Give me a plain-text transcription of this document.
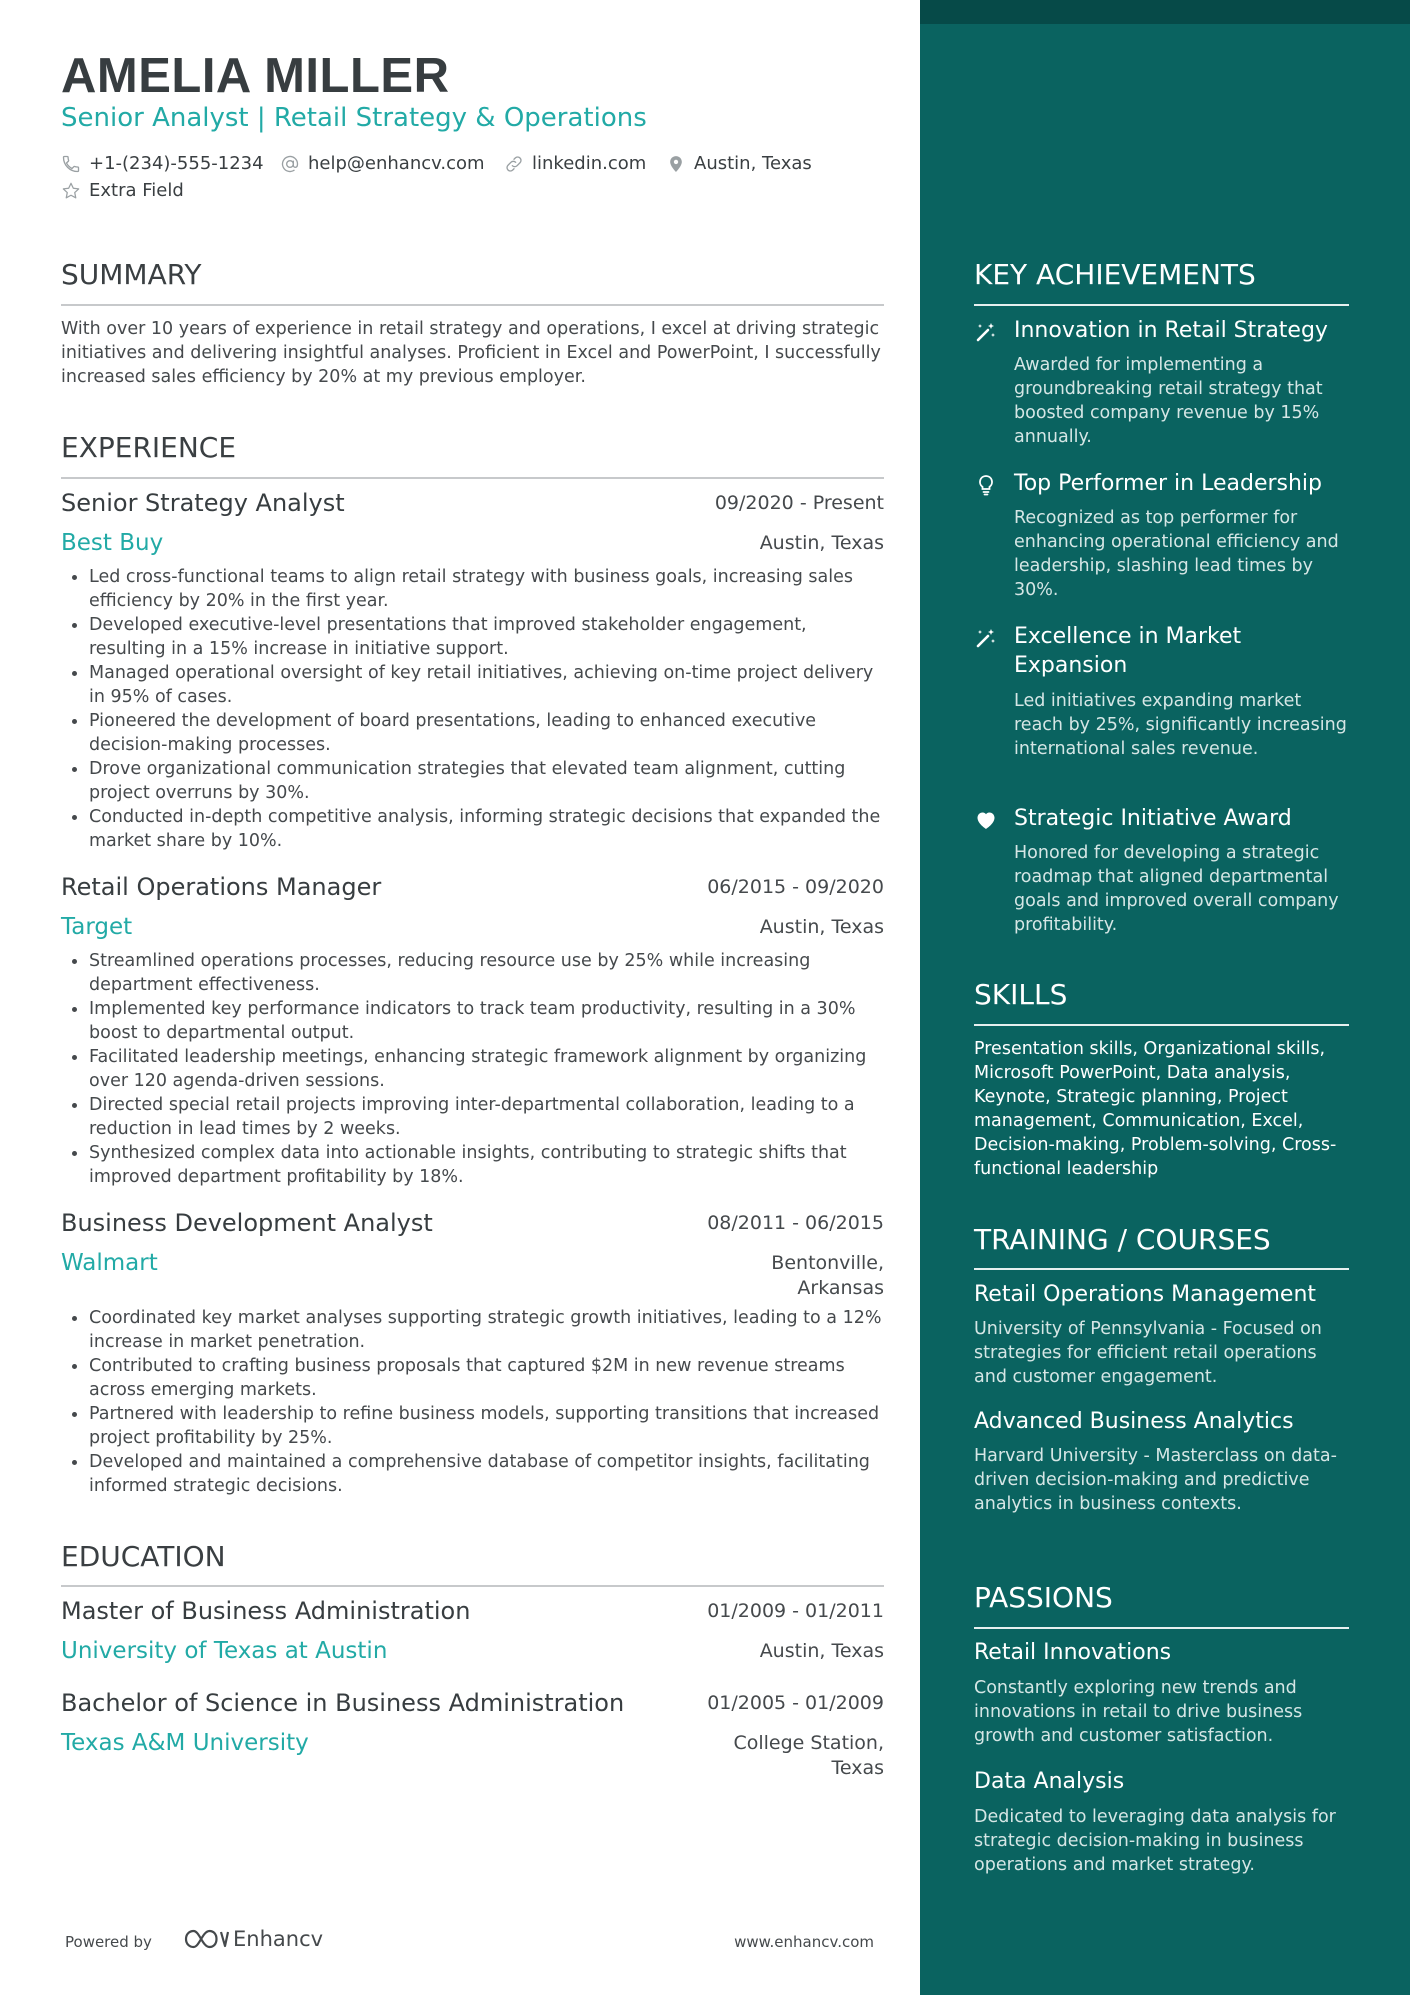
AMELIA MILLER
Senior Analyst | Retail Strategy & Operations
+1-(234)-555-1234 help@enhancv.com	linkedin.com	Austin, Texas
Extra Field
SUMMARY
With over 10 years of experience in retail strategy and operations, I excel at driving strategic initiatives and delivering insightful analyses. Proficient in Excel and PowerPoint, I successfully increased sales efficiency by 20% at my previous employer.
EXPERIENCE
Senior Strategy Analyst	09/2020 - Present
Best Buy	Austin, Texas
Led cross-functional teams to align retail strategy with business goals, increasing sales efficiency by 20% in the first year.
Developed executive-level presentations that improved stakeholder engagement, resulting in a 15% increase in initiative support.
Managed operational oversight of key retail initiatives, achieving on-time project delivery in 95% of cases.
Pioneered the development of board presentations, leading to enhanced executive decision-making processes.
Drove organizational communication strategies that elevated team alignment, cutting project overruns by 30%.
Conducted in-depth competitive analysis, informing strategic decisions that expanded the market share by 10%.
Retail Operations Manager	06/2015 - 09/2020
Target	Austin, Texas
Streamlined operations processes, reducing resource use by 25% while increasing department effectiveness.
Implemented key performance indicators to track team productivity, resulting in a 30% boost to departmental output.
Facilitated leadership meetings, enhancing strategic framework alignment by organizing over 120 agenda-driven sessions.
Directed special retail projects improving inter-departmental collaboration, leading to a reduction in lead times by 2 weeks.
Synthesized complex data into actionable insights, contributing to strategic shifts that improved department profitability by 18%.
Business Development Analyst	08/2011 - 06/2015
Walmart	Bentonville,
Arkansas
Coordinated key market analyses supporting strategic growth initiatives, leading to a 12% increase in market penetration.
Contributed to crafting business proposals that captured $2M in new revenue streams across emerging markets.
Partnered with leadership to refine business models, supporting transitions that increased project profitability by 25%.
Developed and maintained a comprehensive database of competitor insights, facilitating informed strategic decisions.
EDUCATION
Master of Business Administration	01/2009 - 01/2011
University of Texas at Austin	Austin, Texas
Bachelor of Science in Business Administration	01/2005 - 01/2009
Texas A&M University	College Station,
Texas
Powered by	Enhancv	www.enhancv.com
KEY ACHIEVEMENTS
Innovation in Retail Strategy
Awarded for implementing a groundbreaking retail strategy that boosted company revenue by 15% annually.
Top Performer in Leadership
Recognized as top performer for enhancing operational efficiency and leadership, slashing lead times by 30%.
Excellence in Market Expansion
Led initiatives expanding market reach by 25%, significantly increasing international sales revenue.
Strategic Initiative Award
Honored for developing a strategic roadmap that aligned departmental goals and improved overall company profitability.
SKILLS
Presentation skills, Organizational skills, Microsoft PowerPoint, Data analysis, Keynote, Strategic planning, Project management, Communication, Excel, Decision-making, Problem-solving, Cross-functional leadership
TRAINING / COURSES
Retail Operations Management
University of Pennsylvania - Focused on strategies for efficient retail operations and customer engagement.
Advanced Business Analytics
Harvard University - Masterclass on data-driven decision-making and predictive analytics in business contexts.
PASSIONS
Retail Innovations
Constantly exploring new trends and innovations in retail to drive business growth and customer satisfaction.
Data Analysis
Dedicated to leveraging data analysis for strategic decision-making in business operations and market strategy.
